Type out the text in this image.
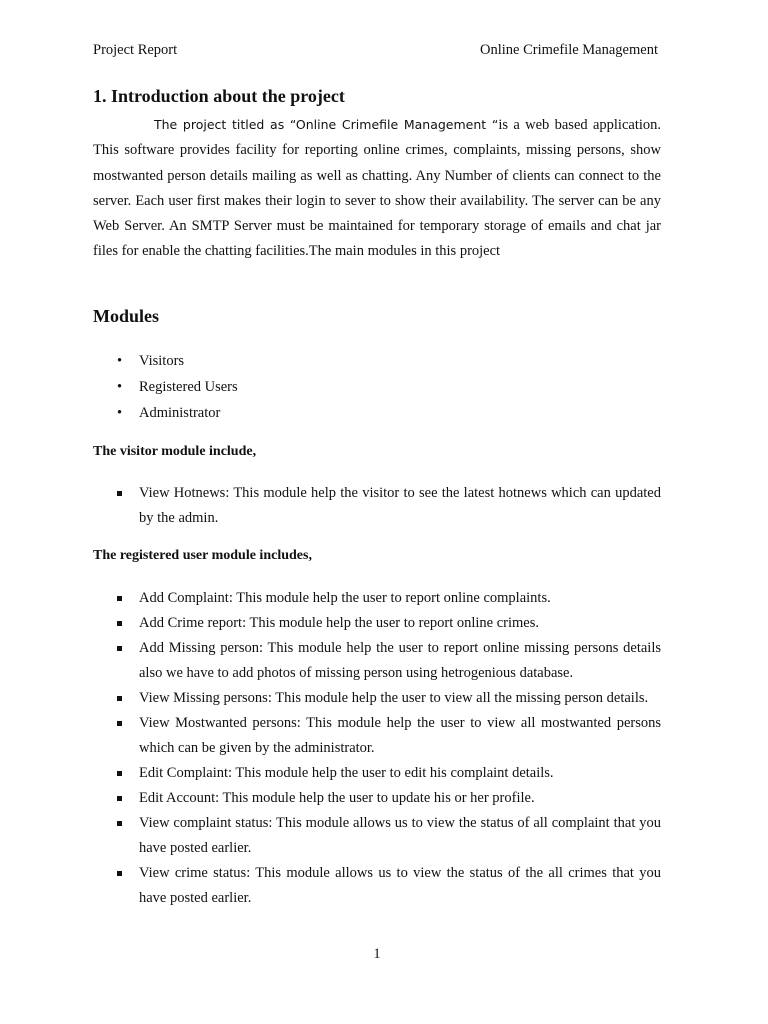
Project Report	Online Crimefile Management
1. Introduction about the project

The project titled as “Online Crimefile Management “is a web based application. This software provides facility for reporting online crimes, complaints, missing persons, show mostwanted person details mailing as well as chatting. Any Number of clients can connect to the server. Each user first makes their login to sever to show their availability. The server can be any Web Server. An SMTP Server must be maintained for temporary storage of emails and chat jar files for enable the chatting facilities.The main modules in this project

Modules
• Visitors
• Registered Users
• Administrator
The visitor module include,
View Hotnews: This module help the visitor to see the latest hotnews which can updated by the admin.
The registered user module includes,
Add Complaint: This module help the user to report online complaints.
Add Crime report: This module help the user to report online crimes.
Add Missing person: This module help the user to report online missing persons details also we have to add photos of missing person using hetrogenious database.
View Missing persons: This module help the user to view all the missing person details.
View Mostwanted persons: This module help the user to view all mostwanted persons which can be given by the administrator.
Edit Complaint: This module help the user to edit his complaint details.
Edit Account: This module help the user to update his or her profile.
View complaint status: This module allows us to view the status of all complaint that you have posted earlier.
View crime status: This module allows us to view the status of the all crimes that you have posted earlier.
1
